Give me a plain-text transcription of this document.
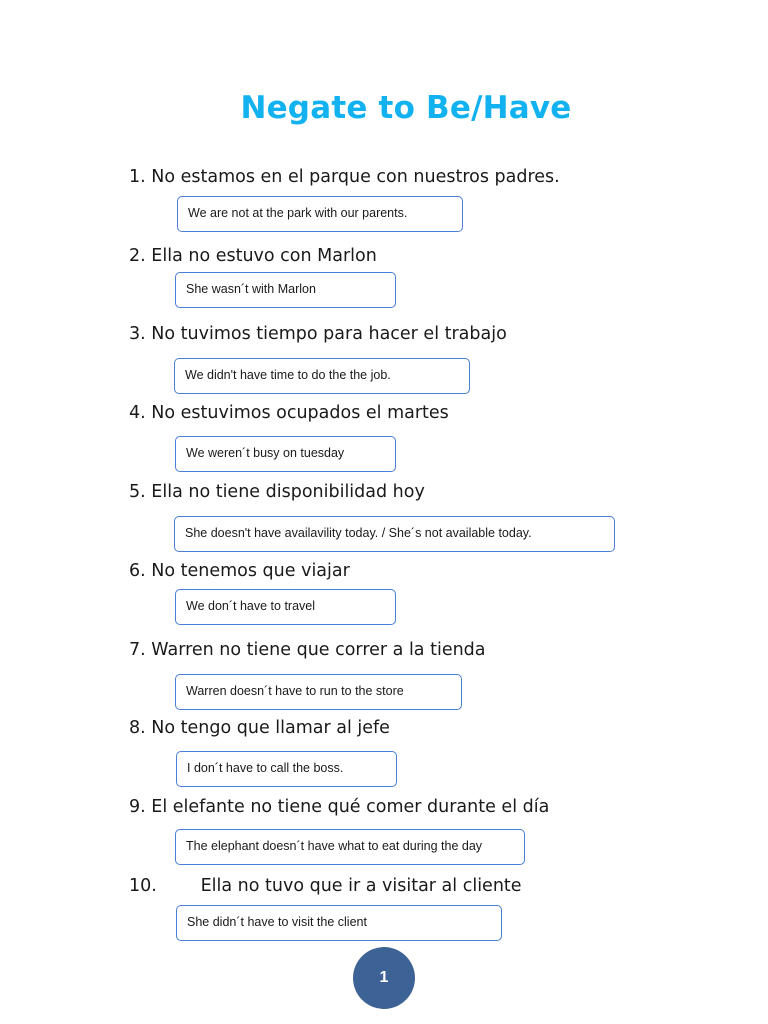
Negate to Be/Have
1. No estamos en el parque con nuestros padres.
We are not at the park with our parents.
2. Ella no estuvo con Marlon
She wasn´t with Marlon
3. No tuvimos tiempo para hacer el trabajo
We didn't have time to do the the job.
4. No estuvimos ocupados el martes
We weren´t busy on tuesday
5. Ella no tiene disponibilidad hoy
She doesn't have availavility today. / She´s not available today.
6. No tenemos que viajar
We don´t have to travel
7. Warren no tiene que correr a la tienda
Warren doesn´t have to run to the store
8. No tengo que llamar al jefe
I don´t have to call the boss.
9. El elefante no tiene qué comer durante el día
The elephant doesn´t have what to eat during the day
10. Ella no tuvo que ir a visitar al cliente
She didn´t have to visit the client
1
